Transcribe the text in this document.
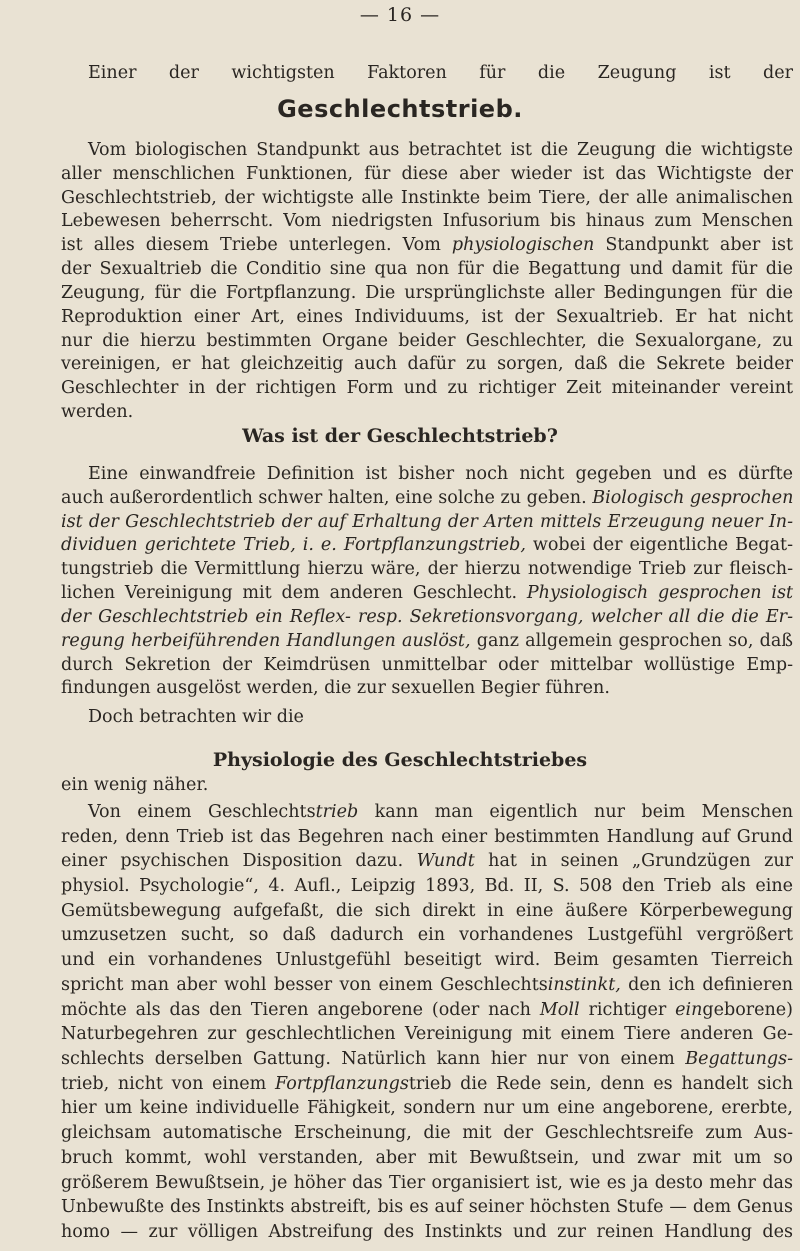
— 16 —
Einer der wichtigsten Faktoren für die Zeugung ist der
Geschlechtstrieb.
Vom biologischen Standpunkt aus betrachtet ist die Zeugung die wichtigste
aller menschlichen Funktionen, für diese aber wieder ist das Wichtigste der
Geschlechtstrieb, der wichtigste alle Instinkte beim Tiere, der alle animalischen
Lebewesen beherrscht. Vom niedrigsten Infusorium bis hinaus zum Menschen
ist alles diesem Triebe unterlegen. Vom physiologischen Standpunkt aber ist
der Sexualtrieb die Conditio sine qua non für die Begattung und damit für die
Zeugung, für die Fortpflanzung. Die ursprünglichste aller Bedingungen für die
Reproduktion einer Art, eines Individuums, ist der Sexualtrieb. Er hat nicht
nur die hierzu bestimmten Organe beider Geschlechter, die Sexualorgane, zu
vereinigen, er hat gleichzeitig auch dafür zu sorgen, daß die Sekrete beider
Geschlechter in der richtigen Form und zu richtiger Zeit miteinander vereint
werden.
Was ist der Geschlechtstrieb?
Eine einwandfreie Definition ist bisher noch nicht gegeben und es dürfte
auch außerordentlich schwer halten, eine solche zu geben. Biologisch gesprochen
ist der Geschlechtstrieb der auf Erhaltung der Arten mittels Erzeugung neuer In-
dividuen gerichtete Trieb, i. e. Fortpflanzungstrieb, wobei der eigentliche Begat-
tungstrieb die Vermittlung hierzu wäre, der hierzu notwendige Trieb zur fleisch-
lichen Vereinigung mit dem anderen Geschlecht. Physiologisch gesprochen ist
der Geschlechtstrieb ein Reflex- resp. Sekretionsvorgang, welcher all die die Er-
regung herbeiführenden Handlungen auslöst, ganz allgemein gesprochen so, daß
durch Sekretion der Keimdrüsen unmittelbar oder mittelbar wollüstige Emp-
findungen ausgelöst werden, die zur sexuellen Begier führen.
Doch betrachten wir die
Physiologie des Geschlechtstriebes
ein wenig näher.
Von einem Geschlechtstrieb kann man eigentlich nur beim Menschen
reden, denn Trieb ist das Begehren nach einer bestimmten Handlung auf Grund
einer psychischen Disposition dazu. Wundt hat in seinen „Grundzügen zur
physiol. Psychologie“, 4. Aufl., Leipzig 1893, Bd. II, S. 508 den Trieb als eine
Gemütsbewegung aufgefaßt, die sich direkt in eine äußere Körperbewegung
umzusetzen sucht, so daß dadurch ein vorhandenes Lustgefühl vergrößert
und ein vorhandenes Unlustgefühl beseitigt wird. Beim gesamten Tierreich
spricht man aber wohl besser von einem Geschlechtsinstinkt, den ich definieren
möchte als das den Tieren angeborene (oder nach Moll richtiger eingeborene)
Naturbegehren zur geschlechtlichen Vereinigung mit einem Tiere anderen Ge-
schlechts derselben Gattung. Natürlich kann hier nur von einem Begattungs-
trieb, nicht von einem Fortpflanzungstrieb die Rede sein, denn es handelt sich
hier um keine individuelle Fähigkeit, sondern nur um eine angeborene, ererbte,
gleichsam automatische Erscheinung, die mit der Geschlechtsreife zum Aus-
bruch kommt, wohl verstanden, aber mit Bewußtsein, und zwar mit um so
größerem Bewußtsein, je höher das Tier organisiert ist, wie es ja desto mehr das
Unbewußte des Instinkts abstreift, bis es auf seiner höchsten Stufe — dem Genus
homo — zur völligen Abstreifung des Instinkts und zur reinen Handlung des
